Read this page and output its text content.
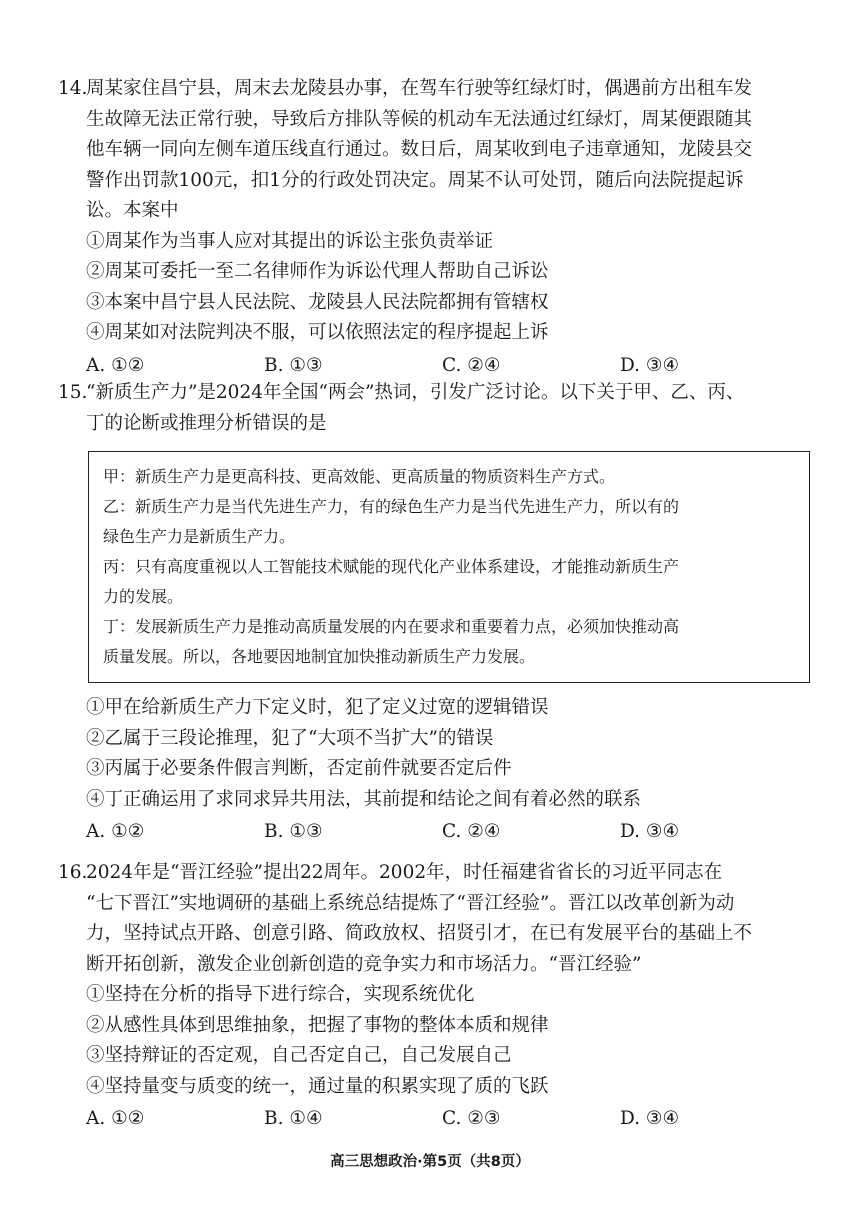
14.

周某家住昌宁县，周末去龙陵县办事，在驾车行驶等红绿灯时，偶遇前方出租车发

生故障无法正常行驶，导致后方排队等候的机动车无法通过红绿灯，周某便跟随其

他车辆一同向左侧车道压线直行通过。数日后，周某收到电子违章通知，龙陵县交

警作出罚款100元，扣1分的行政处罚决定。周某不认可处罚，随后向法院提起诉

讼。本案中

①周某作为当事人应对其提出的诉讼主张负责举证

②周某可委托一至二名律师作为诉讼代理人帮助自己诉讼

③本案中昌宁县人民法院、龙陵县人民法院都拥有管辖权

④周某如对法院判决不服，可以依照法定的程序提起上诉

A. ①②	B. ①③	C. ②④	D. ③④
15.

“新质生产力”是2024年全国“两会”热词，引发广泛讨论。以下关于甲、乙、丙、

丁的论断或推理分析错误的是

甲：新质生产力是更高科技、更高效能、更高质量的物质资料生产方式。

乙：新质生产力是当代先进生产力，有的绿色生产力是当代先进生产力，所以有的

绿色生产力是新质生产力。

丙：只有高度重视以人工智能技术赋能的现代化产业体系建设，才能推动新质生产

力的发展。

丁：发展新质生产力是推动高质量发展的内在要求和重要着力点，必须加快推动高

质量发展。所以，各地要因地制宜加快推动新质生产力发展。

①甲在给新质生产力下定义时，犯了定义过宽的逻辑错误

②乙属于三段论推理，犯了“大项不当扩大”的错误

③丙属于必要条件假言判断，否定前件就要否定后件

④丁正确运用了求同求异共用法，其前提和结论之间有着必然的联系

A. ①②	B. ①③	C. ②④	D. ③④
16.

2024年是“晋江经验”提出22周年。2002年，时任福建省省长的习近平同志在

“七下晋江”实地调研的基础上系统总结提炼了“晋江经验”。晋江以改革创新为动

力，坚持试点开路、创意引路、简政放权、招贤引才，在已有发展平台的基础上不

断开拓创新，激发企业创新创造的竞争实力和市场活力。“晋江经验”

①坚持在分析的指导下进行综合，实现系统优化

②从感性具体到思维抽象，把握了事物的整体本质和规律

③坚持辩证的否定观，自己否定自己，自己发展自己

④坚持量变与质变的统一，通过量的积累实现了质的飞跃

A. ①②	B. ①④	C. ②③	D. ③④
高三思想政治·第5页（共8页）
